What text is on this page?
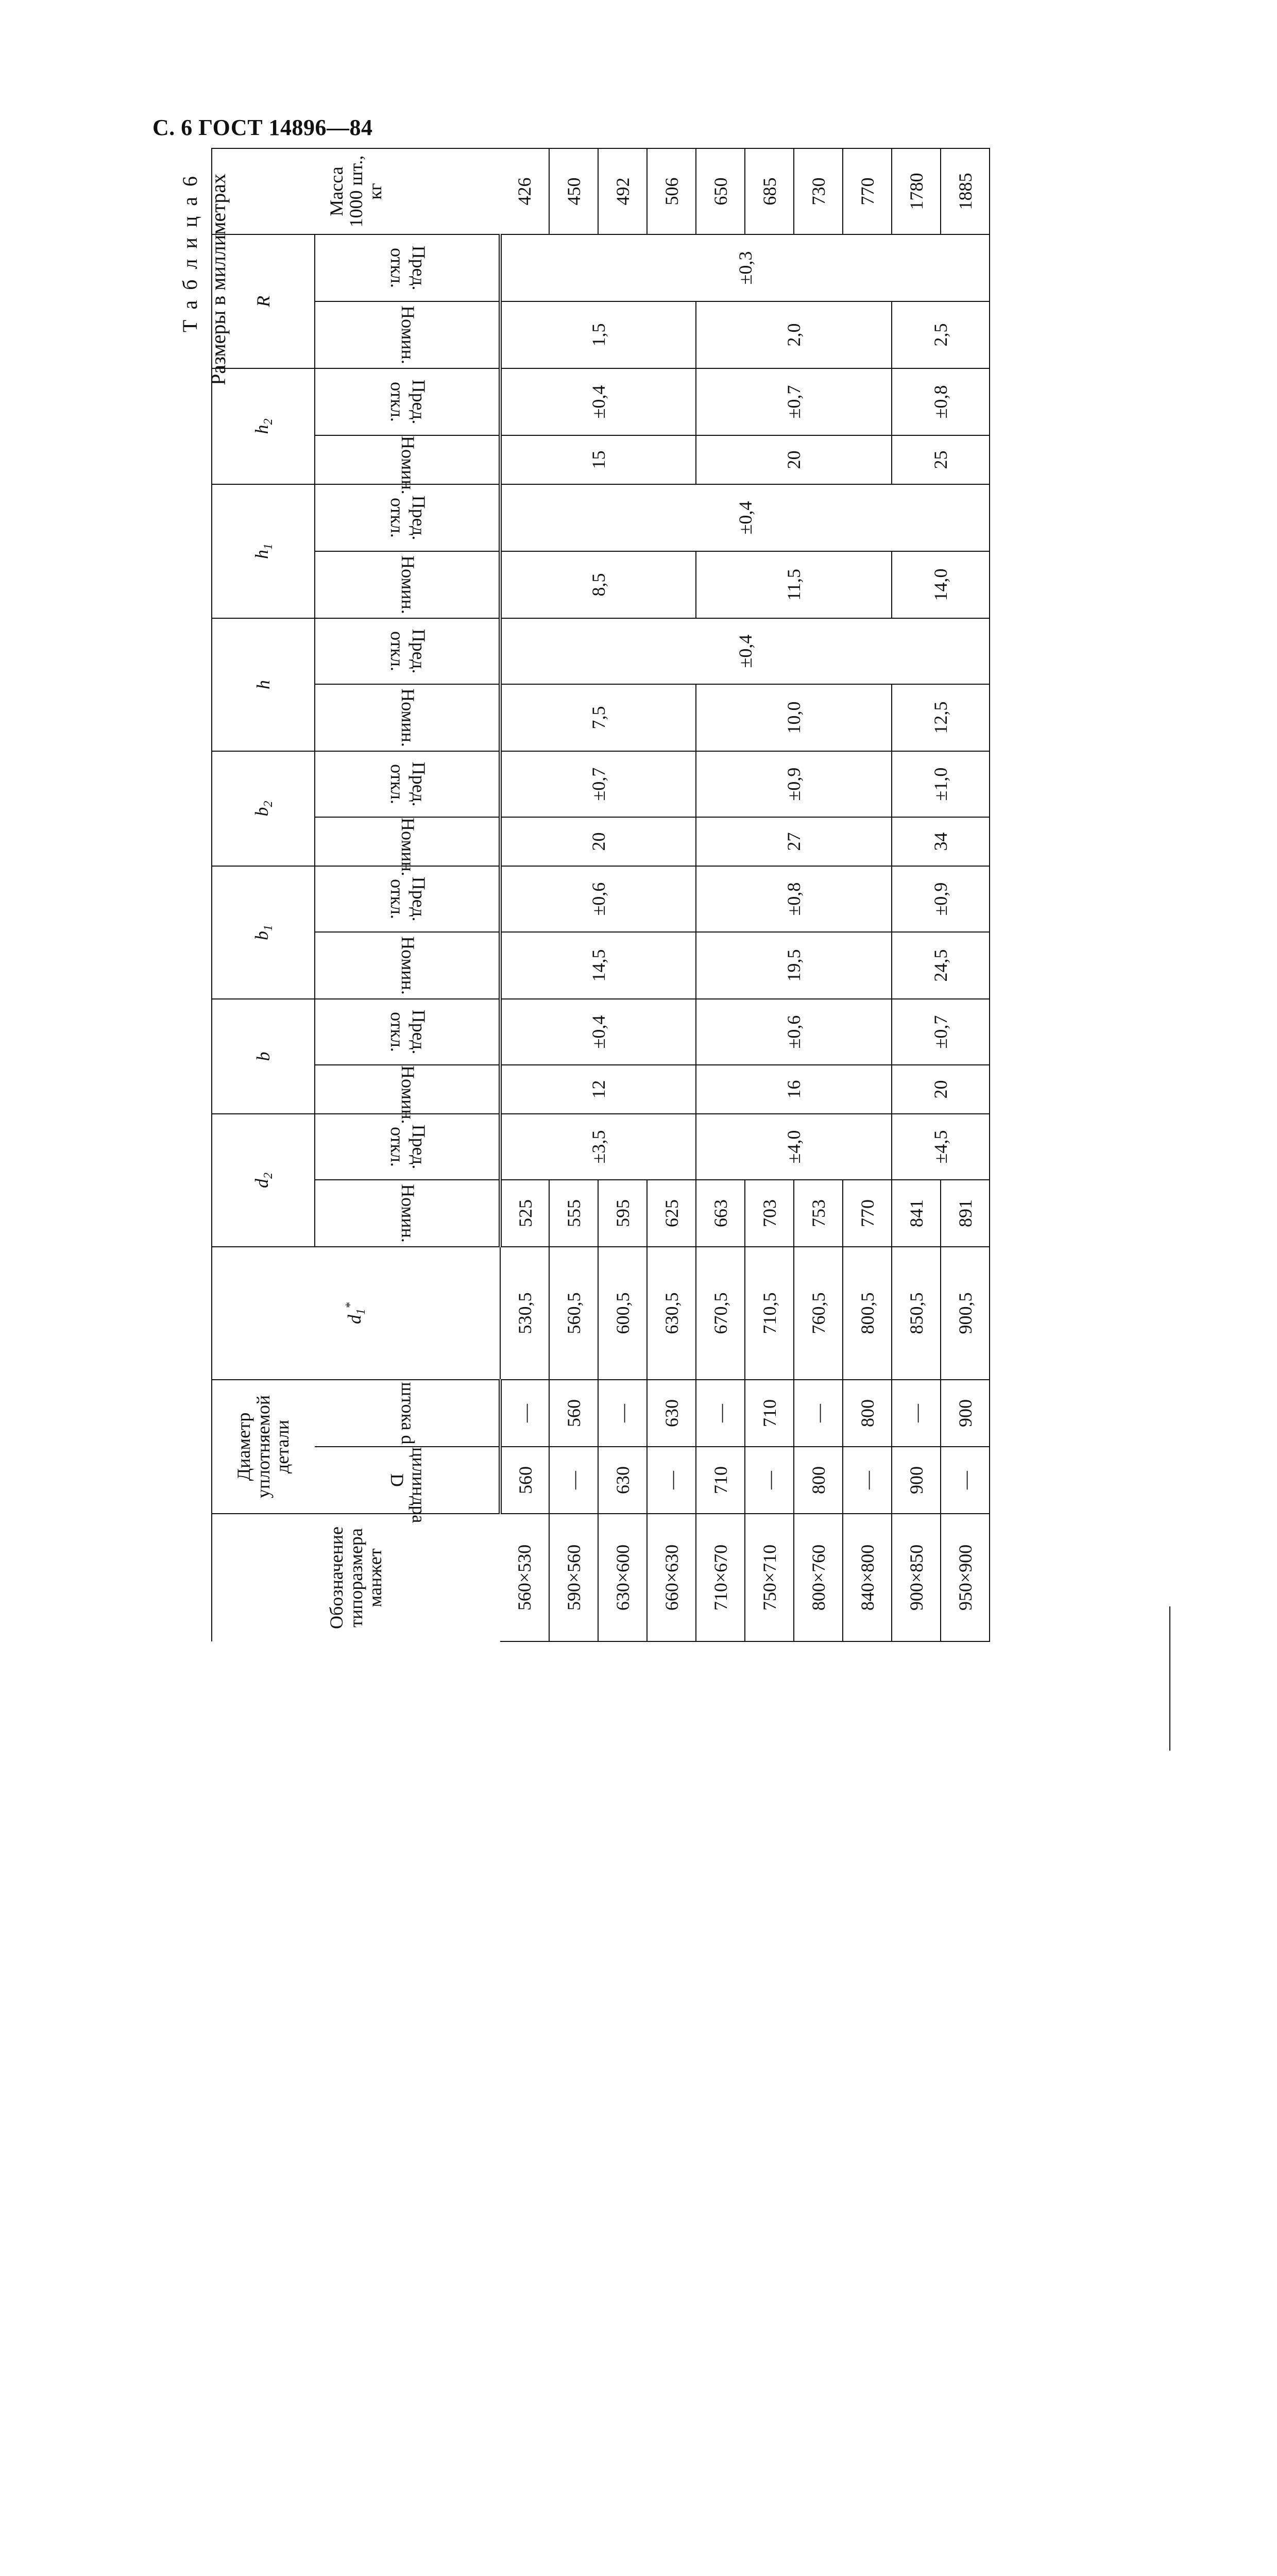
С. 6 ГОСТ 14896—84
Т а б л и ц а 6 Размеры в миллиметрах
Обозначение типоразмера манжет	Диаметр уплотняемой детали		$d_1^*$	$d_2$		b		$b_1$		$b_2$		h		$h_1$		$h_2$		R		Масса 1000 шт., кг
	цилиндра D	штока d		Номин.	Пред. откл.	Номин.	Пред. откл.	Номин.	Пред. откл.	Номин.	Пред. откл.	Номин.	Пред. откл.	Номин.	Пред. откл.	Номин.	Пред. откл.	Номин.	Пред. откл.	
560×530	560	—	530,5	525	±3,5	12	±0,4	14,5	±0,6	20	±0,7	7,5	±0,4	8,5	±0,4	15	±0,4	1,5	±0,3	426
590×560	—	560	560,5	555																450
630×600	630	—	600,5	595																492
660×630	—	630	630,5	625																506
710×670	710	—	670,5	663	±4,0	16	±0,6	19,5	±0,8	27	±0,9	10,0		11,5		20	±0,7	2,0		650
750×710	—	710	710,5	703																685
800×760	800	—	760,5	753																730
840×800	—	800	800,5	770																770
900×850	900	—	850,5	841	±4,5	20	±0,7	24,5	±0,9	34	±1,0	12,5		14,0		25	±0,8	2,5		1780
950×900	—	900	900,5	891																1885
